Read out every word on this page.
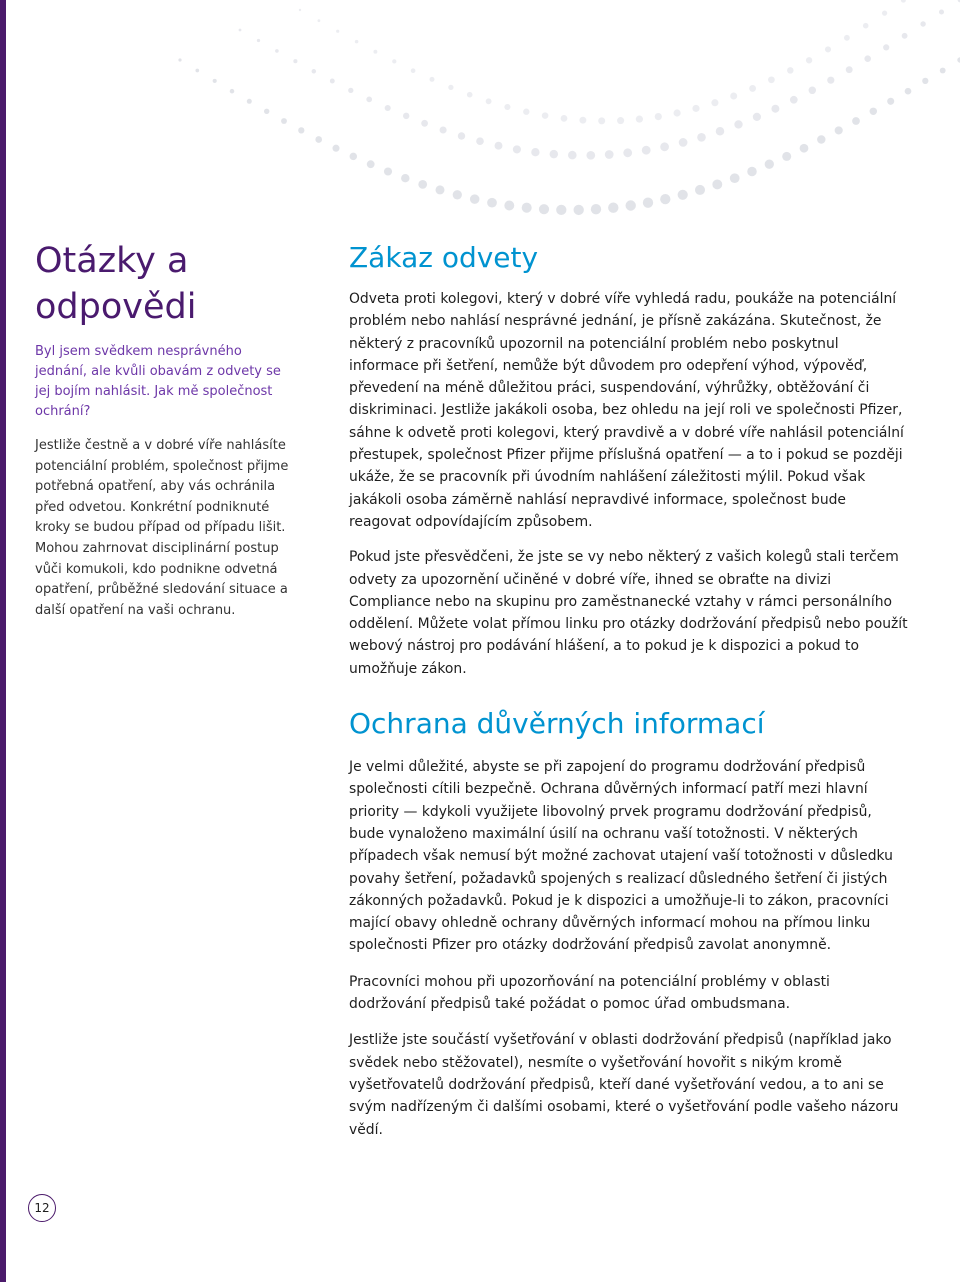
Otázky a
odpovědi

Byl jsem svědkem nesprávného jednání, ale kvůli obavám z odvety se jej bojím nahlásit. Jak mě společnost ochrání?

Jestliže čestně a v dobré víře nahlásíte potenciální problém, společnost přijme potřebná opatření, aby vás ochránila před odvetou. Konkrétní podniknuté kroky se budou případ od případu lišit. Mohou zahrnovat disciplinární postup vůči komukoli, kdo podnikne odvetná opatření, průběžné sledování situace a další opatření na vaši ochranu.

Zákaz odvety

Odveta proti kolegovi, který v dobré víře vyhledá radu, poukáže na potenciální problém nebo nahlásí nesprávné jednání, je přísně zakázána. Skutečnost, že některý z pracovníků upozornil na potenciální problém nebo poskytnul informace při šetření, nemůže být důvodem pro odepření výhod, výpověď, převedení na méně důležitou práci, suspendování, výhrůžky, obtěžování či diskriminaci. Jestliže jakákoli osoba, bez ohledu na její roli ve společnosti Pfizer, sáhne k odvetě proti kolegovi, který pravdivě a v dobré víře nahlásil potenciální přestupek, společnost Pfizer přijme příslušná opatření — a to i pokud se později ukáže, že se pracovník při úvodním nahlášení záležitosti mýlil. Pokud však jakákoli osoba záměrně nahlásí nepravdivé informace, společnost bude reagovat odpovídajícím způsobem.

Pokud jste přesvědčeni, že jste se vy nebo některý z vašich kolegů stali terčem odvety za upozornění učiněné v dobré víře, ihned se obraťte na divizi Compliance nebo na skupinu pro zaměstnanecké vztahy v rámci personálního oddělení. Můžete volat přímou linku pro otázky dodržování předpisů nebo použít webový nástroj pro podávání hlášení, a to pokud je k dispozici a pokud to umožňuje zákon.

Ochrana důvěrných informací

Je velmi důležité, abyste se při zapojení do programu dodržování předpisů společnosti cítili bezpečně. Ochrana důvěrných informací patří mezi hlavní priority — kdykoli využijete libovolný prvek programu dodržování předpisů, bude vynaloženo maximální úsilí na ochranu vaší totožnosti. V některých případech však nemusí být možné zachovat utajení vaší totožnosti v důsledku povahy šetření, požadavků spojených s realizací důsledného šetření či jistých zákonných požadavků. Pokud je k dispozici a umožňuje-li to zákon, pracovníci mající obavy ohledně ochrany důvěrných informací mohou na přímou linku společnosti Pfizer pro otázky dodržování předpisů zavolat anonymně.

Pracovníci mohou při upozorňování na potenciální problémy v oblasti dodržování předpisů také požádat o pomoc úřad ombudsmana.

Jestliže jste součástí vyšetřování v oblasti dodržování předpisů (například jako svědek nebo stěžovatel), nesmíte o vyšetřování hovořit s nikým kromě vyšetřovatelů dodržování předpisů, kteří dané vyšetřování vedou, a to ani se svým nadřízeným či dalšími osobami, které o vyšetřování podle vašeho názoru vědí.

12
